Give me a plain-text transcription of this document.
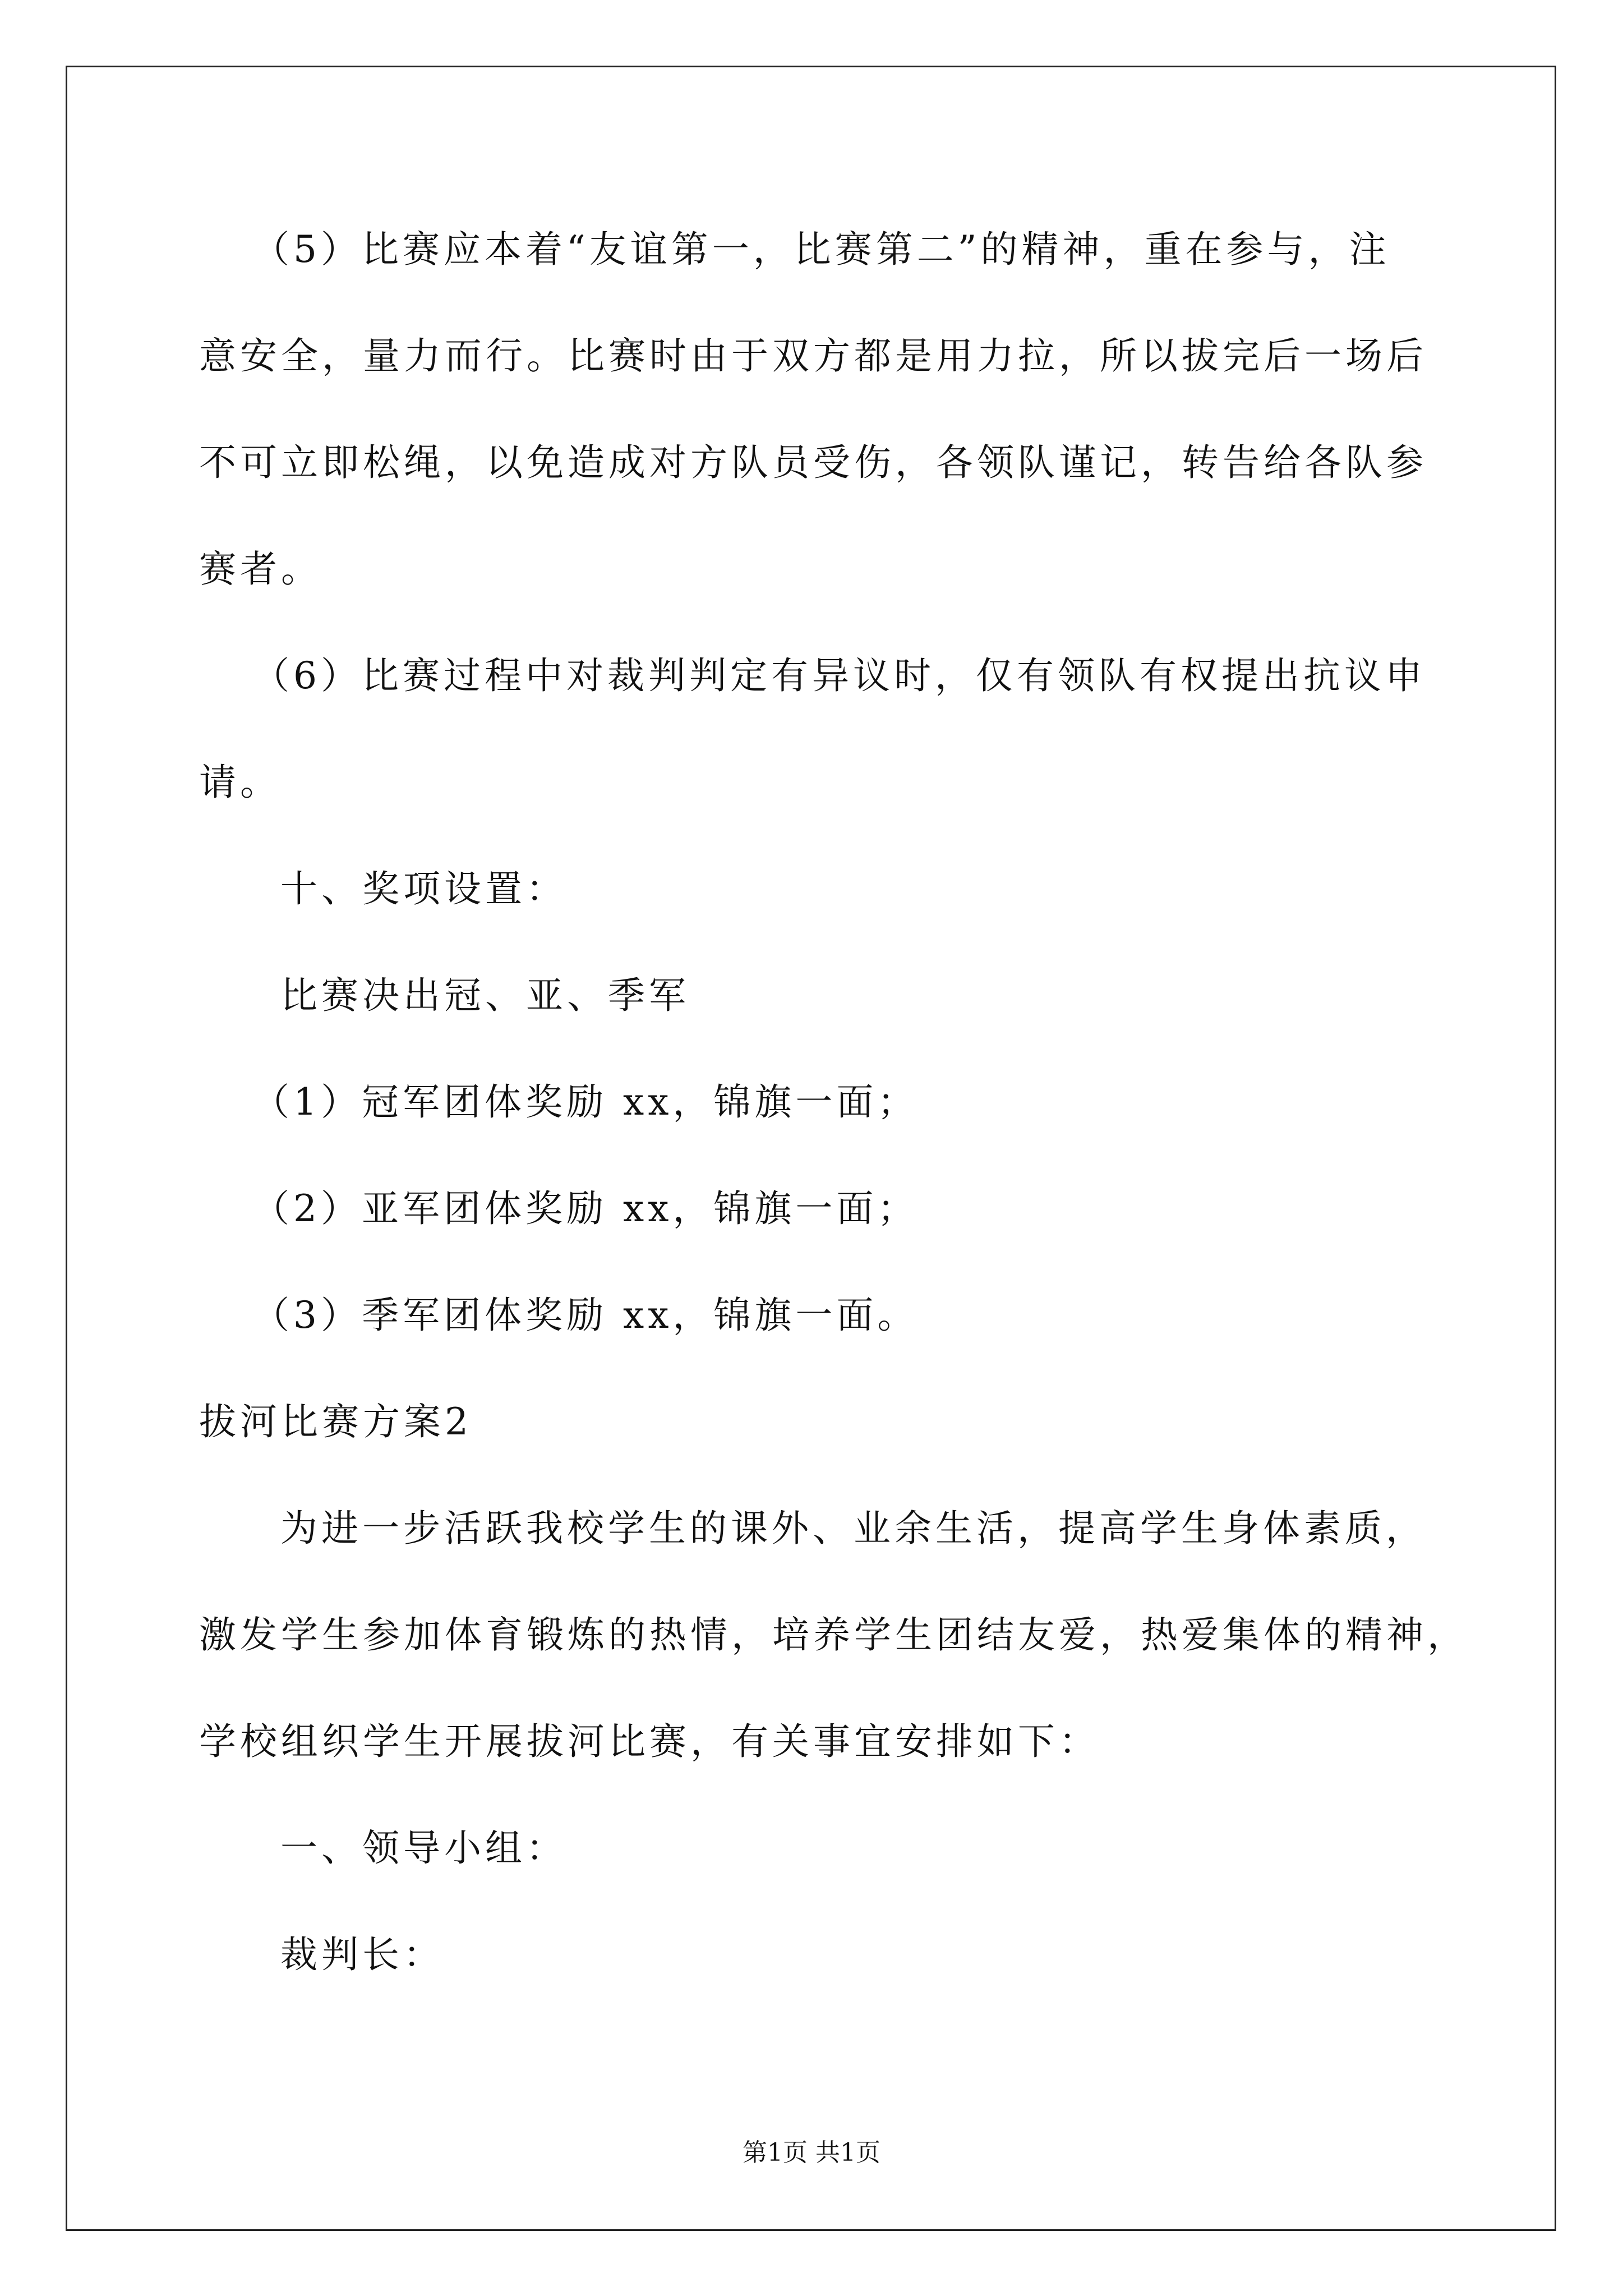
（5）比赛应本着“友谊第一，比赛第二”的精神，重在参与，注
意安全，量力而行。比赛时由于双方都是用力拉，所以拔完后一场后
不可立即松绳，以免造成对方队员受伤，各领队谨记，转告给各队参
赛者。
（6）比赛过程中对裁判判定有异议时，仅有领队有权提出抗议申
请。
十、奖项设置：
比赛决出冠、亚、季军
（1）冠军团体奖励 xx，锦旗一面；
（2）亚军团体奖励 xx，锦旗一面；
（3）季军团体奖励 xx，锦旗一面。
拔河比赛方案2
为进一步活跃我校学生的课外、业余生活，提高学生身体素质，
激发学生参加体育锻炼的热情，培养学生团结友爱，热爱集体的精神，
学校组织学生开展拔河比赛，有关事宜安排如下：
一、领导小组：
裁判长：
第1页 共1页
